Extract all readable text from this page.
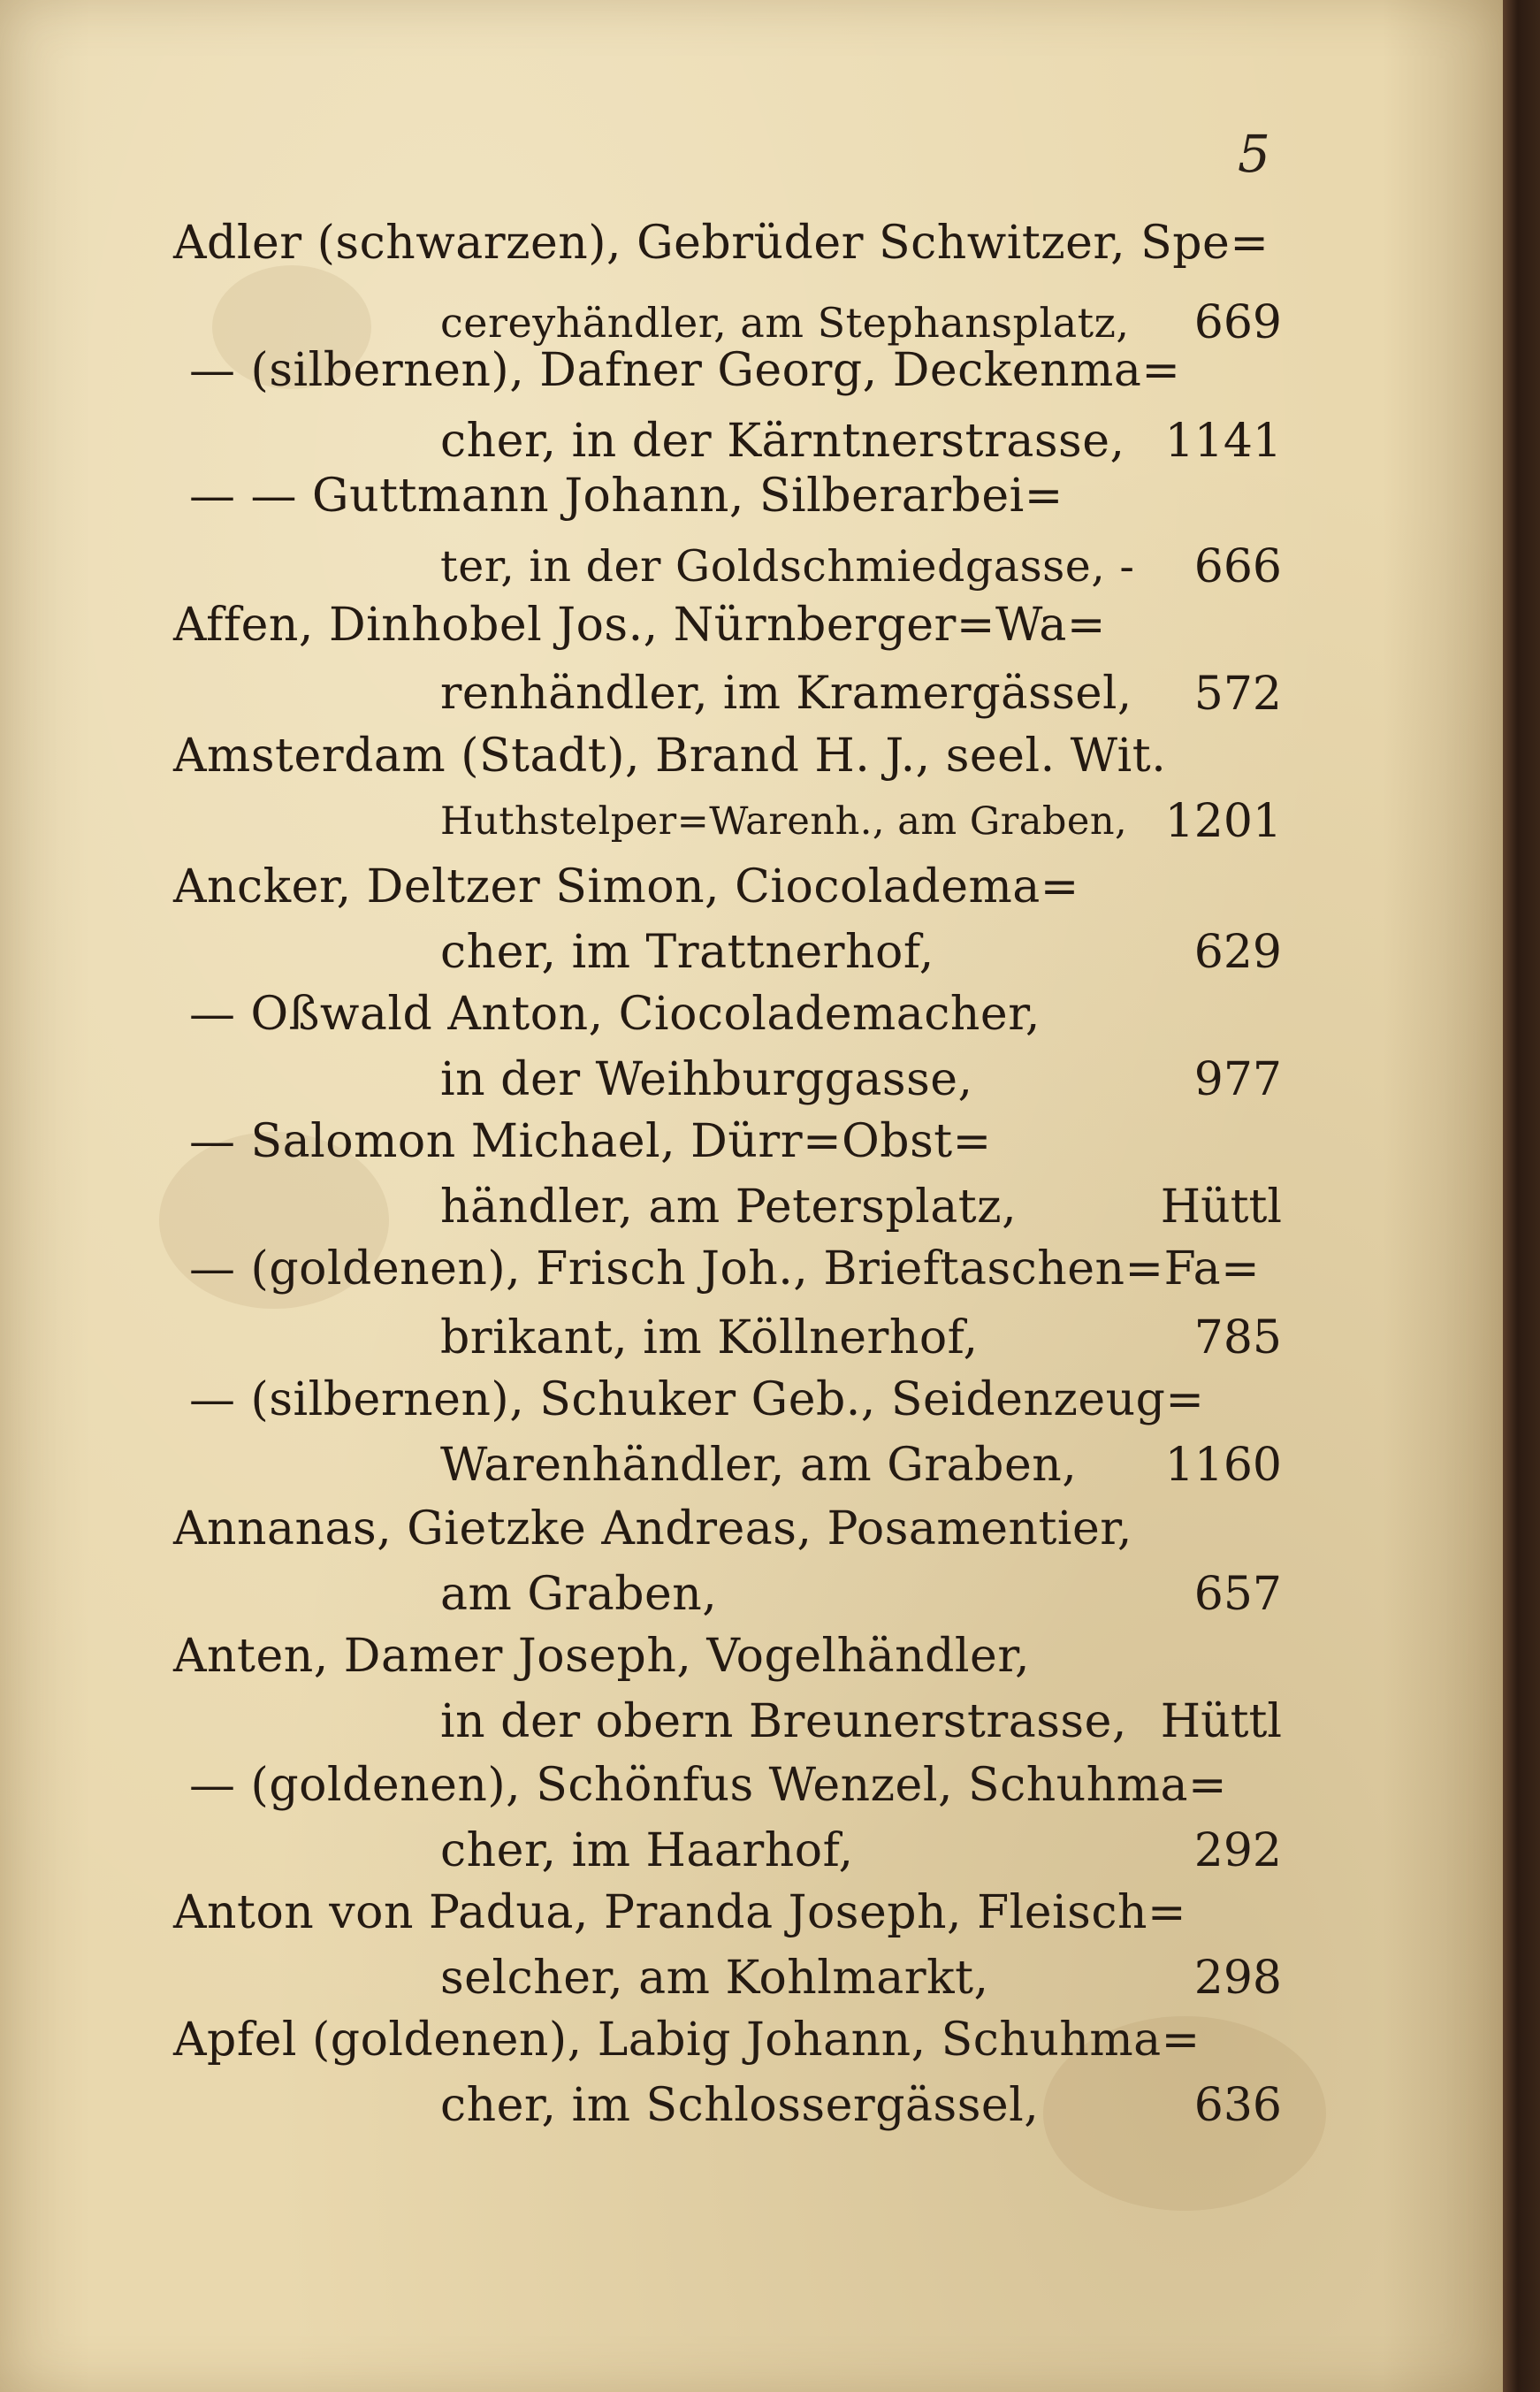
5
Adler (schwarzen), Gebrüder Schwitzer, Spe=
cereyhändler, am Stephansplatz,	669
— (silbernen), Dafner Georg, Deckenma=
cher, in der Kärntnerstrasse, 1141
— — Guttmann Johann, Silberarbei=
ter, in der Goldschmiedgasse, -	666
Affen, Dinhobel Jos., Nürnberger=Wa=
renhändler, im Kramergässel,	572
Amsterdam (Stadt), Brand H. J., seel. Wit.
Huthstelper=Warenh., am Graben, 1201
Ancker, Deltzer Simon, Ciocoladema=
cher, im Trattnerhof,	629
— Oßwald Anton, Ciocolademacher,
in der Weihburggasse,	977
— Salomon Michael, Dürr=Obst=
händler, am Petersplatz,	Hüttl
— (goldenen), Frisch Joh., Brieftaschen=Fa=
brikant, im Köllnerhof,	785
— (silbernen), Schuker Geb., Seidenzeug=
Warenhändler, am Graben,	1160
Annanas, Gietzke Andreas, Posamentier,
am Graben,	657
Anten, Damer Joseph, Vogelhändler,
in der obern Breunerstrasse, Hüttl
— (goldenen), Schönfus Wenzel, Schuhma=
cher, im Haarhof,	292
Anton von Padua, Pranda Joseph, Fleisch=
selcher, am Kohlmarkt,	298
Apfel (goldenen), Labig Johann, Schuhma=
cher, im Schlossergässel,	636
